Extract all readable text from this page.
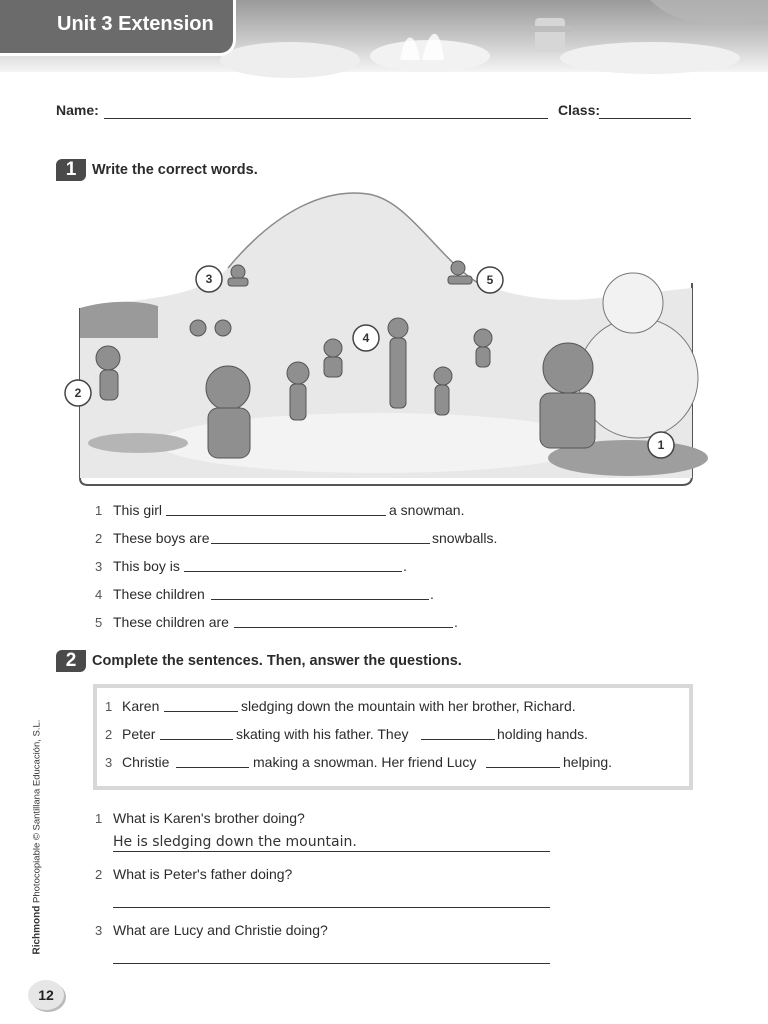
Unit 3 Extension
Name:	Class:
1	Write the correct words.
3	5
4
2
1
1 This girl	a snowman.
2 These boys are	snowballs.
3 This boy is	.
4 These children	.
5 These children are	.
2	Complete the sentences. Then, answer the questions.
1 Karen	sledging down the mountain with her brother, Richard.
2 Peter	skating with his father. They	holding hands.
3 Christie	making a snowman. Her friend Lucy	helping.
1 What is Karen's brother doing?
He is sledging down the mountain.
2 What is Peter's father doing?
3 What are Lucy and Christie doing?
Richmond Photocopiable © Santillana Educación, S.L.
12
